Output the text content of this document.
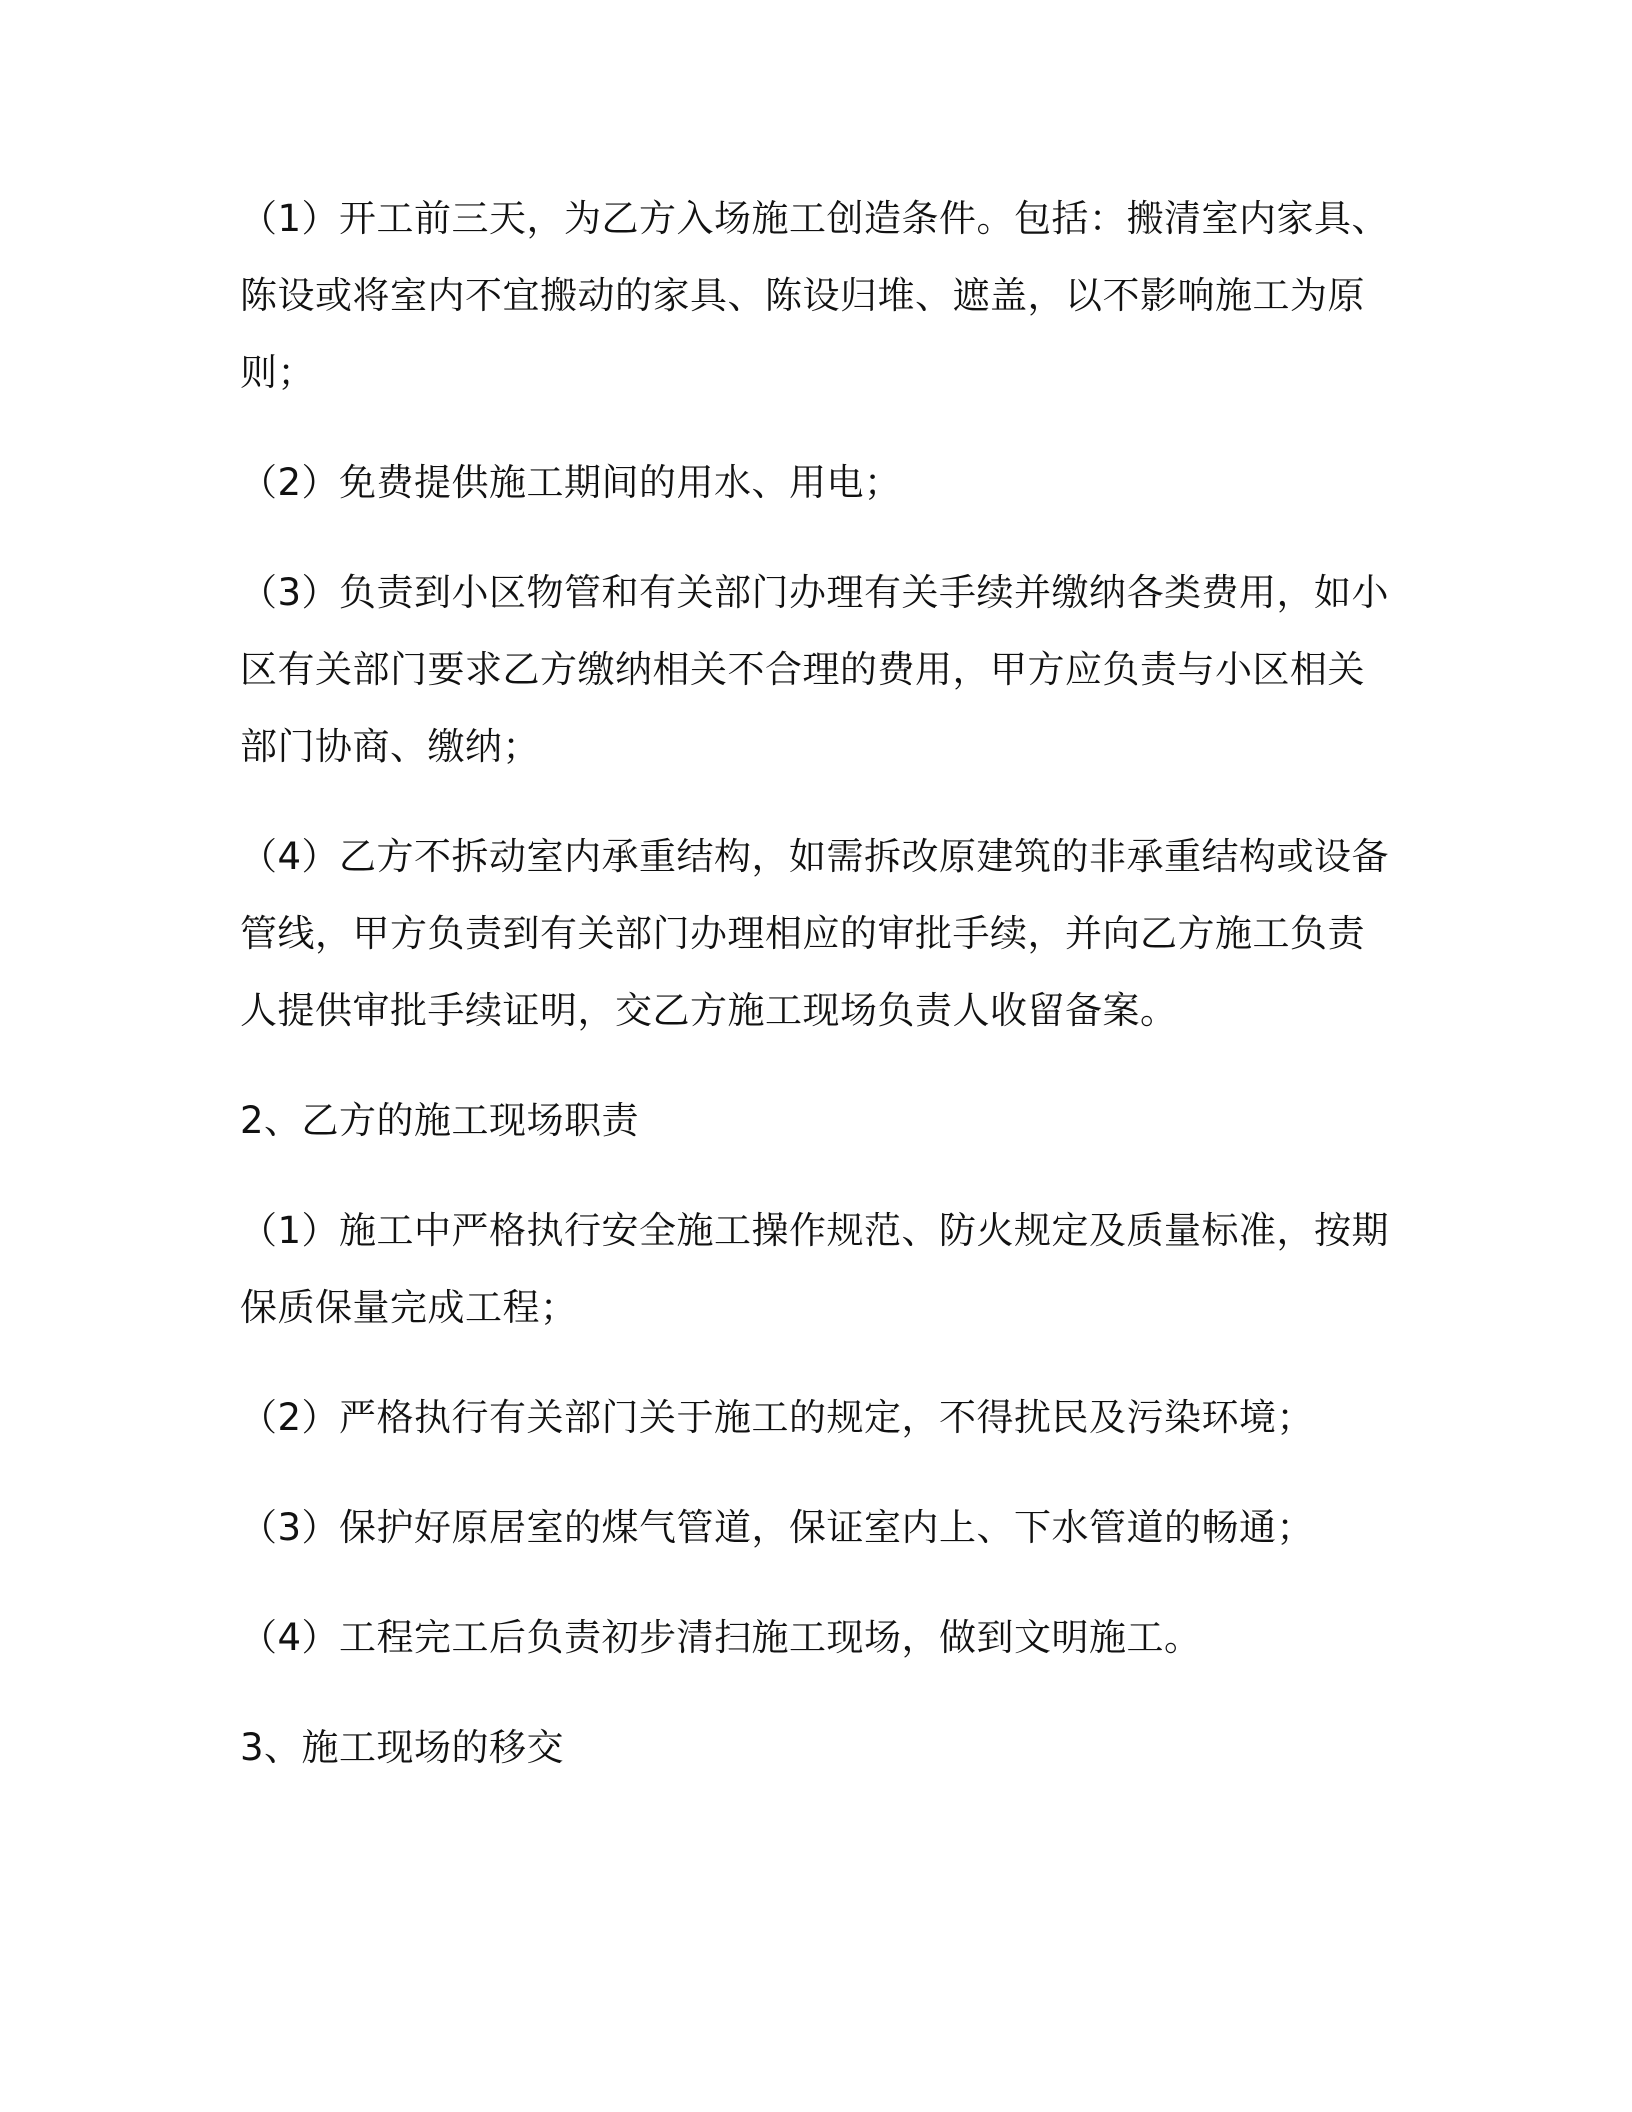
（1）开工前三天，为乙方入场施工创造条件。包括：搬清室内家具、陈设或将室内不宜搬动的家具、陈设归堆、遮盖，以不影响施工为原则；

（2）免费提供施工期间的用水、用电；

（3）负责到小区物管和有关部门办理有关手续并缴纳各类费用，如小区有关部门要求乙方缴纳相关不合理的费用，甲方应负责与小区相关部门协商、缴纳；

（4）乙方不拆动室内承重结构，如需拆改原建筑的非承重结构或设备管线，甲方负责到有关部门办理相应的审批手续，并向乙方施工负责人提供审批手续证明，交乙方施工现场负责人收留备案。

2、乙方的施工现场职责

（1）施工中严格执行安全施工操作规范、防火规定及质量标准，按期保质保量完成工程；

（2）严格执行有关部门关于施工的规定，不得扰民及污染环境；

（3）保护好原居室的煤气管道，保证室内上、下水管道的畅通；

（4）工程完工后负责初步清扫施工现场，做到文明施工。

3、施工现场的移交
